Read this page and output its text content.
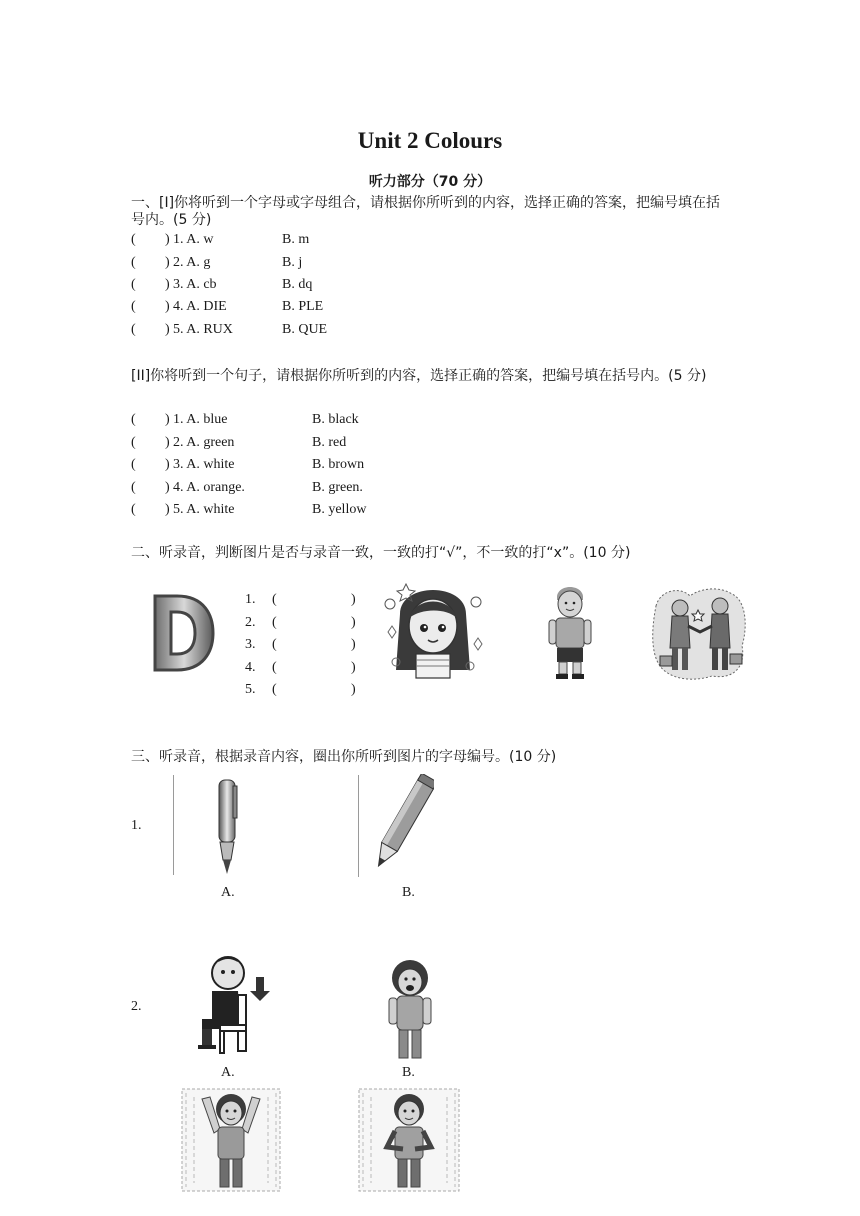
Unit 2 Colours
听力部分（70 分）
一、[I]你将听到一个字母或字母组合，请根据你所听到的内容，选择正确的答案，把编号填在括号内。(5 分)
( ) 1. A. w	B. m
( ) 2. A. g	B. j
( ) 3. A. cb	B. dq
( ) 4. A. DIE	B. PLE
( ) 5. A. RUX	B. QUE
[II]你将听到一个句子，请根据你所听到的内容，选择正确的答案，把编号填在括号内。(5 分)
( ) 1. A. blue	B. black
( ) 2. A. green	B. red
( ) 3. A. white	B. brown
( ) 4. A. orange.	B. green.
( ) 5. A. white	B. yellow
二、听录音，判断图片是否与录音一致，一致的打“√”，不一致的打“x”。(10 分)
1. (	)
2. (	)
3. (	)
4. (	)
5. (	)
三、听录音，根据录音内容，圈出你所听到图片的字母编号。(10 分)
1.
A.	B.
2.
A.	B.
